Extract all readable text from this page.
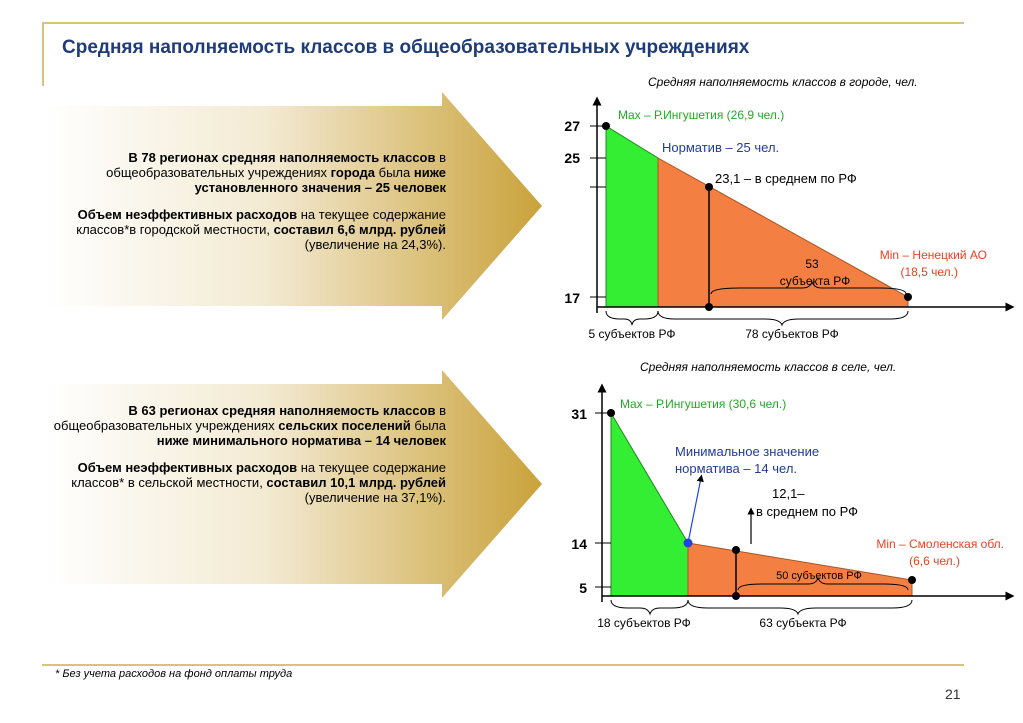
Средняя наполняемость классов в общеобразовательных учреждениях

В 78 регионах средняя наполняемость классов в общеобразовательных учреждениях города была ниже установленного значения – 25 человек

Объем неэффективных расходов на текущее содержание классов*в городской местности, составил 6,6 млрд. рублей (увеличение на 24,3%).

В 63 регионах средняя наполняемость классов в общеобразовательных учреждениях сельских поселений была ниже минимального норматива – 14 человек

Объем неэффективных расходов на текущее содержание классов* в сельской местности, составил 10,1 млрд. рублей (увеличение на 37,1%).

Средняя наполняемость классов в городе, чел.
Средняя наполняемость классов в селе, чел.
27
25
17
Max – Р.Ингушетия (26,9 чел.)
Норматив – 25 чел.
23,1 – в среднем по РФ
Min – Ненецкий АО
(18,5 чел.)
53
субъекта РФ
5 субъектов РФ	78 субъектов РФ
31
14
5
Max – Р.Ингушетия (30,6 чел.)
Минимальное значение
норматива – 14 чел.
12,1–
в среднем по РФ
Min – Смоленская обл.
(6,6 чел.)
50 субъектов РФ
18 субъектов РФ	63 субъекта РФ
* Без учета расходов на фонд оплаты труда
21
